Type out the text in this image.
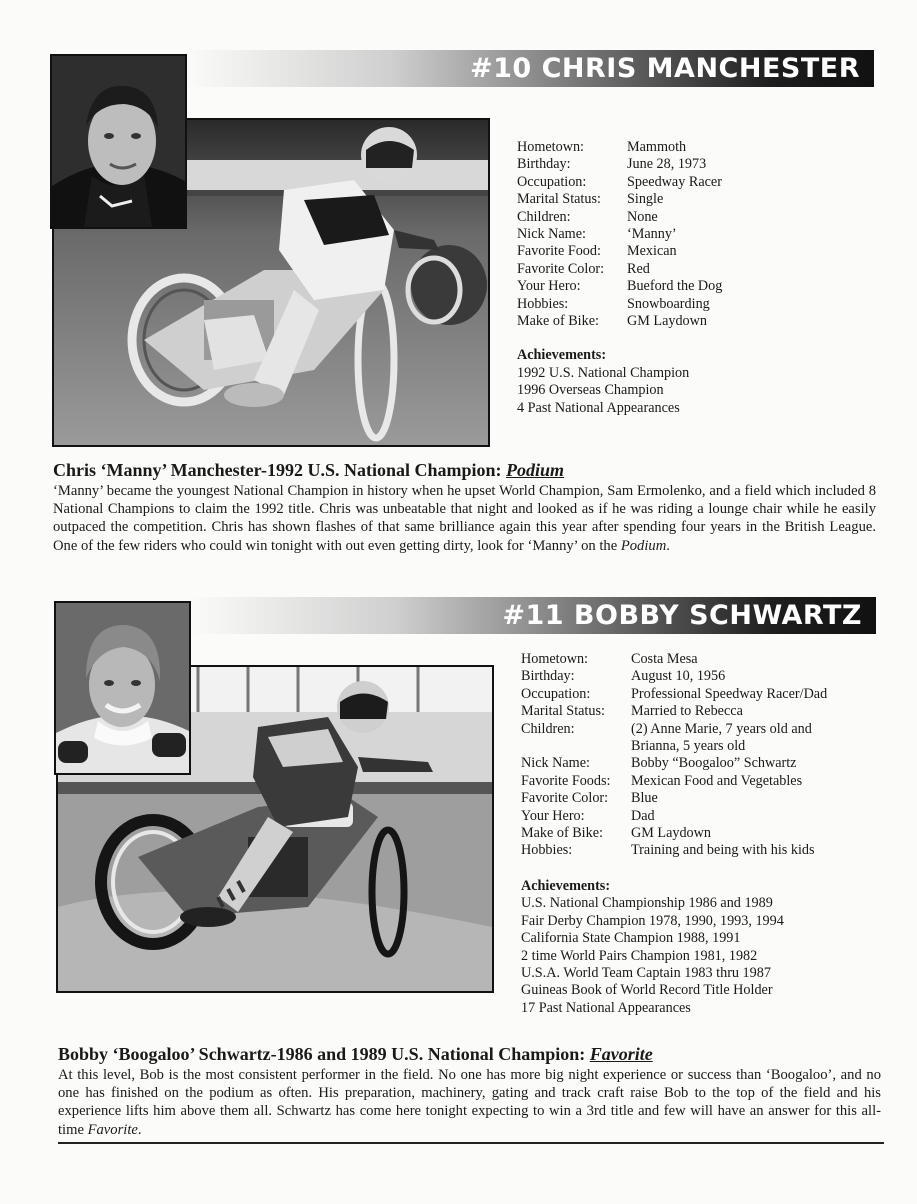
#10 CHRIS MANCHESTER
Hometown:	Mammoth
Birthday:	June 28, 1973
Occupation:	Speedway Racer
Marital Status:	Single
Children:	None
Nick Name:	‘Manny’
Favorite Food:	Mexican
Favorite Color:	Red
Your Hero:	Bueford the Dog
Hobbies:	Snowboarding
Make of Bike:	GM Laydown
Achievements:
1992 U.S. National Champion
1996 Overseas Champion
4 Past National Appearances
Chris ‘Manny’ Manchester-1992 U.S. National Champion: Podium
‘Manny’ became the youngest National Champion in history when he upset World Champion, Sam Ermolenko, and a field which included 8 National Champions to claim the 1992 title. Chris was unbeatable that night and looked as if he was riding a lounge chair while he easily outpaced the competition. Chris has shown flashes of that same brilliance again this year after spending four years in the British League. One of the few riders who could win tonight with out even getting dirty, look for ‘Manny’ on the Podium.
#11 BOBBY SCHWARTZ
Hometown:	Costa Mesa
Birthday:	August 10, 1956
Occupation:	Professional Speedway Racer/Dad
Marital Status:	Married to Rebecca
Children:	(2) Anne Marie, 7 years old and Brianna, 5 years old
Nick Name:	Bobby “Boogaloo” Schwartz
Favorite Foods:	Mexican Food and Vegetables
Favorite Color:	Blue
Your Hero:	Dad
Make of Bike:	GM Laydown
Hobbies:	Training and being with his kids
Achievements:
U.S. National Championship 1986 and 1989
Fair Derby Champion 1978, 1990, 1993, 1994
California State Champion 1988, 1991
2 time World Pairs Champion 1981, 1982
U.S.A. World Team Captain 1983 thru 1987
Guineas Book of World Record Title Holder
17 Past National Appearances
Bobby ‘Boogaloo’ Schwartz-1986 and 1989 U.S. National Champion: Favorite
At this level, Bob is the most consistent performer in the field. No one has more big night experience or success than ‘Boogaloo’, and no one has finished on the podium as often. His preparation, machinery, gating and track craft raise Bob to the top of the field and his experience lifts him above them all. Schwartz has come here tonight expecting to win a 3rd title and few will have an answer for this all-time Favorite.
